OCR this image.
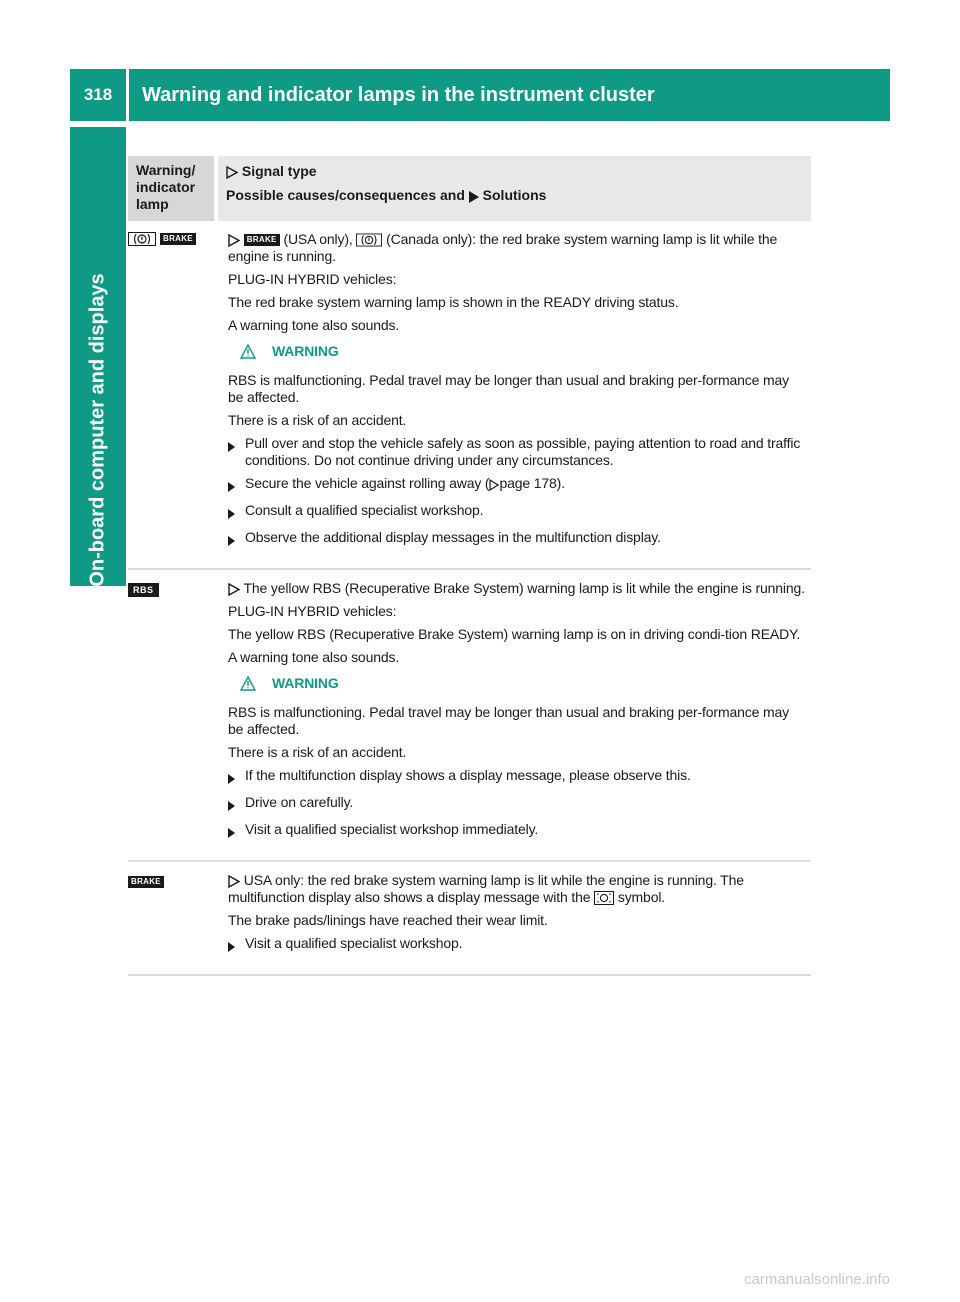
318	Warning and indicator lamps in the instrument cluster
On-board computer and displays
Warning/ indicator lamp
Signal type
Possible causes/consequences and Solutions
BRAKE	BRAKE (USA only), (Canada only): the red brake system warning lamp is lit while the engine is running.

PLUG-IN HYBRID vehicles:

The red brake system warning lamp is shown in the READY driving status.

A warning tone also sounds.

WARNING

RBS is malfunctioning. Pedal travel may be longer than usual and braking per-formance may be affected.

There is a risk of an accident.

Pull over and stop the vehicle safely as soon as possible, paying attention to road and traffic conditions. Do not continue driving under any circumstances.
Secure the vehicle against rolling away ( page 178).
Consult a qualified specialist workshop.
Observe the additional display messages in the multifunction display.
RBS	The yellow RBS (Recuperative Brake System) warning lamp is lit while the engine is running.

PLUG-IN HYBRID vehicles:

The yellow RBS (Recuperative Brake System) warning lamp is on in driving condi-tion READY.

A warning tone also sounds.

WARNING

RBS is malfunctioning. Pedal travel may be longer than usual and braking per-formance may be affected.

There is a risk of an accident.

If the multifunction display shows a display message, please observe this.
Drive on carefully.
Visit a qualified specialist workshop immediately.
BRAKE	USA only: the red brake system warning lamp is lit while the engine is running. The multifunction display also shows a display message with the symbol.

The brake pads/linings have reached their wear limit.

Visit a qualified specialist workshop.
carmanualsonline.info
